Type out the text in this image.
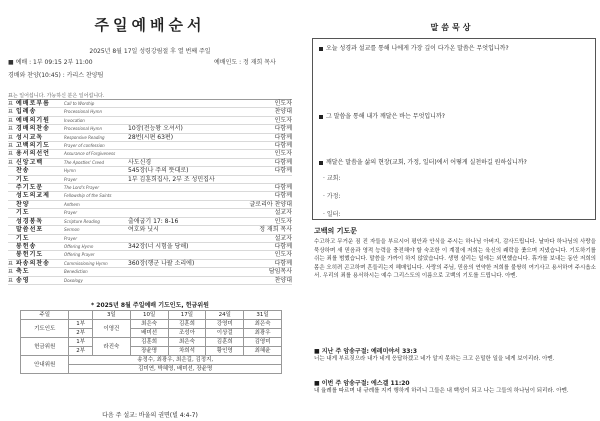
주일예배순서
2025년 8월 17일 성령강림절 후 열 번째 주일
■ 예배 : 1부 09:15 2부 11:00	예배인도 : 정 재희 목사
경배와 찬양(10:45) : 카리스 찬양팀
표는 일어섭니다. 가능하신 분은 일어섭니다.
표 예배로부름	Call to Worship	인도자
표 입례송	Processional Hymn	찬양대
표 예배의기원	Invocation	인도자
표 경배의찬송	Processional Hymn	10장(전능왕 오셔서)	다함께
표 성시교독	Responsive Reading	28번(시편 63편)	다함께
표 고백의기도	Prayer of confession	다함께
표 용서의선언	Assurance of Forgiveness	인도자
표 신앙고백	The Apostles' Creed	사도신경	다함께
찬송	Hymn	545장(나 주의 뜻대로)	다함께
기도	Prayer	1부 김훈희집사, 2부 조 성민집사
주기도문	The Lord's Prayer	다함께
성도의교제	Fellowship of the Saints	다함께
찬양	Anthem	글로리아 찬양대
기도	Prayer	설교자
성경봉독	Scripture Reading	출애굽기 17: 8-16	인도자
말씀선포	Sermon	여호와 닛시	정 재희 목사
기도	Prayer	설교자
봉헌송	Offering Hymn	342장(너 시험을 당해)	다함께
봉헌기도	Offering Prayer	인도자
표 파송의찬송	Commissioning Hymn	360장(행군 나팔 소리에)	다함께
표 축도	Benediction	담임목사
표 송영	Doxology	찬양대
* 2025년 8월 주일예배 기도인도, 헌금위원
주일		3일	10일	17일	24일	31일
기도인도	1부	이영건	최은숙	김훈희	강영미	최은숙
	2부		배미선	조성아	이상걸	최광우
헌금위원	1부	라진숙	김훈희	최은숙	김훈희	김영미
	2부		장윤명	차희석	황인영	최혜윤
안내위원	송정수, 최광우, 최은길, 김정지,					
	김미연, 박혜영, 배미선, 장윤명					
다음 주 설교: 바울의 권면(빌 4:4-7)
말씀묵상
오늘 성경과 설교를 통해 나에게 가장 깊이 다가온 말씀은 무엇입니까?
그 말씀을 통해 내가 깨달은 바는 무엇입니까?
깨달은 말씀을 삶의 현장(교회, 가정, 일터)에서 어떻게 실천하길 원하십니까?
· 교회:
· 가정:
· 일터:
고백의 기도문
수고하고 무거운 짐 진 자들을 부르시어 평안과 안식을 주시는 하나님 아버지, 감사드립니다. 날마다 하나님의 사랑을 묵상하며 새 믿음과 영적 능력을 충전해야 할 숙조한 이 계절에 저희는 육신의 쾌락을 좇으며 지냈습니다. 기도하기를 쉬는 죄를 범했습니다. 말씀을 가까이 하지 않았습니다. 생명 살리는 일에는 외면했습니다. 휴가를 보내는 동안 저희의 몸은 오히려 곤고하며 흔들리는지 헤매입니다. 사랑의 주님, 믿음의 연약한 저희를 불쌍히 여기사고 용서하여 주시옵소서. 우리의 죄를 용서하시는 예수 그리스도의 이름으로 고백의 기도를 드립니다. 아멘.
■ 지난 주 암송구절: 예레미야서 33:3
너는 내게 부르짖으라 내가 네게 응답하겠고 네가 알지 못하는 크고 은밀한 일을 네게 보이리라. 아멘.
■ 이번 주 암송구절: 에스겔 11:20
내 율례를 따르며 내 규례를 지켜 행하게 하리니 그들은 내 백성이 되고 나는 그들의 하나님이 되리라. 아멘.
